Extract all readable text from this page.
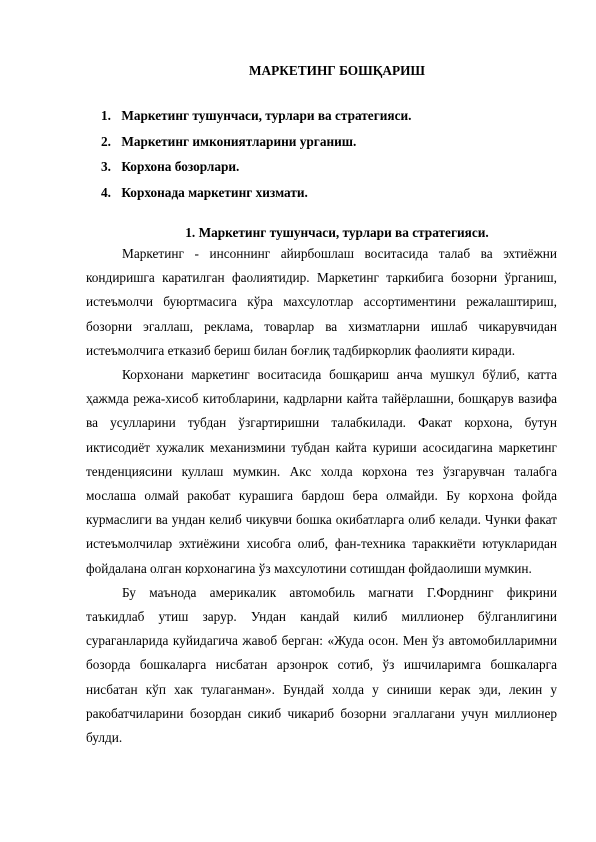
МАРКЕТИНГ БОШҚАРИШ
1. Маркетинг тушунчаси, турлари ва стратегияси.
2. Маркетинг имкониятларини урганиш.
3. Корхона бозорлари.
4. Корхонада маркетинг хизмати.
1. Маркетинг тушунчаси, турлари ва стратегияси.

Маркетинг - инсоннинг айирбошлаш воситасида талаб ва эхтиёжни кондиришга каратилган фаолиятидир. Маркетинг таркибига бозорни ўрганиш, истеъмолчи буюртмасига кўра махсулотлар ассортиментини режалаштириш, бозорни эгаллаш, реклама, товарлар ва хизматларни ишлаб чикарувчидан истеъмолчига етказиб бериш билан боғлиқ тадбиркорлик фаолияти киради.

Корхонани маркетинг воситасида бошқариш анча мушкул бўлиб, катта ҳажмда режа-хисоб китобларини, кадрларни кайта тайёрлашни, бошқарув вазифа ва усулларини тубдан ўзгартиришни талабкилади. Факат корхона, бутун иктисодиёт хужалик механизмини тубдан кайта куриши асосидагина маркетинг тенденциясини куллаш мумкин. Акс холда корхона тез ўзгарувчан талабга мослаша олмай ракобат курашига бардош бера олмайди. Бу корхона фойда курмаслиги ва ундан келиб чикувчи бошка окибатларга олиб келади. Чунки факат истеъмолчилар эхтиёжини хисобга олиб, фан-техника тараккиёти ютукларидан фойдалана олган корхонагина ўз махсулотини сотишдан фойдаолиши мумкин.

Бу маънода америкалик автомобиль магнати Г.Форднинг фикрини таъкидлаб утиш зарур. Ундан кандай килиб миллионер бўлганлигини сураганларида куйидагича жавоб берган: «Жуда осон. Мен ўз автомобилларимни бозорда бошкаларга нисбатан арзонрок сотиб, ўз ишчиларимга бошкаларга нисбатан кўп хак тулаганман». Бундай холда у синиши керак эди, лекин у ракобатчиларини бозордан сикиб чикариб бозорни эгаллагани учун миллионер булди.
